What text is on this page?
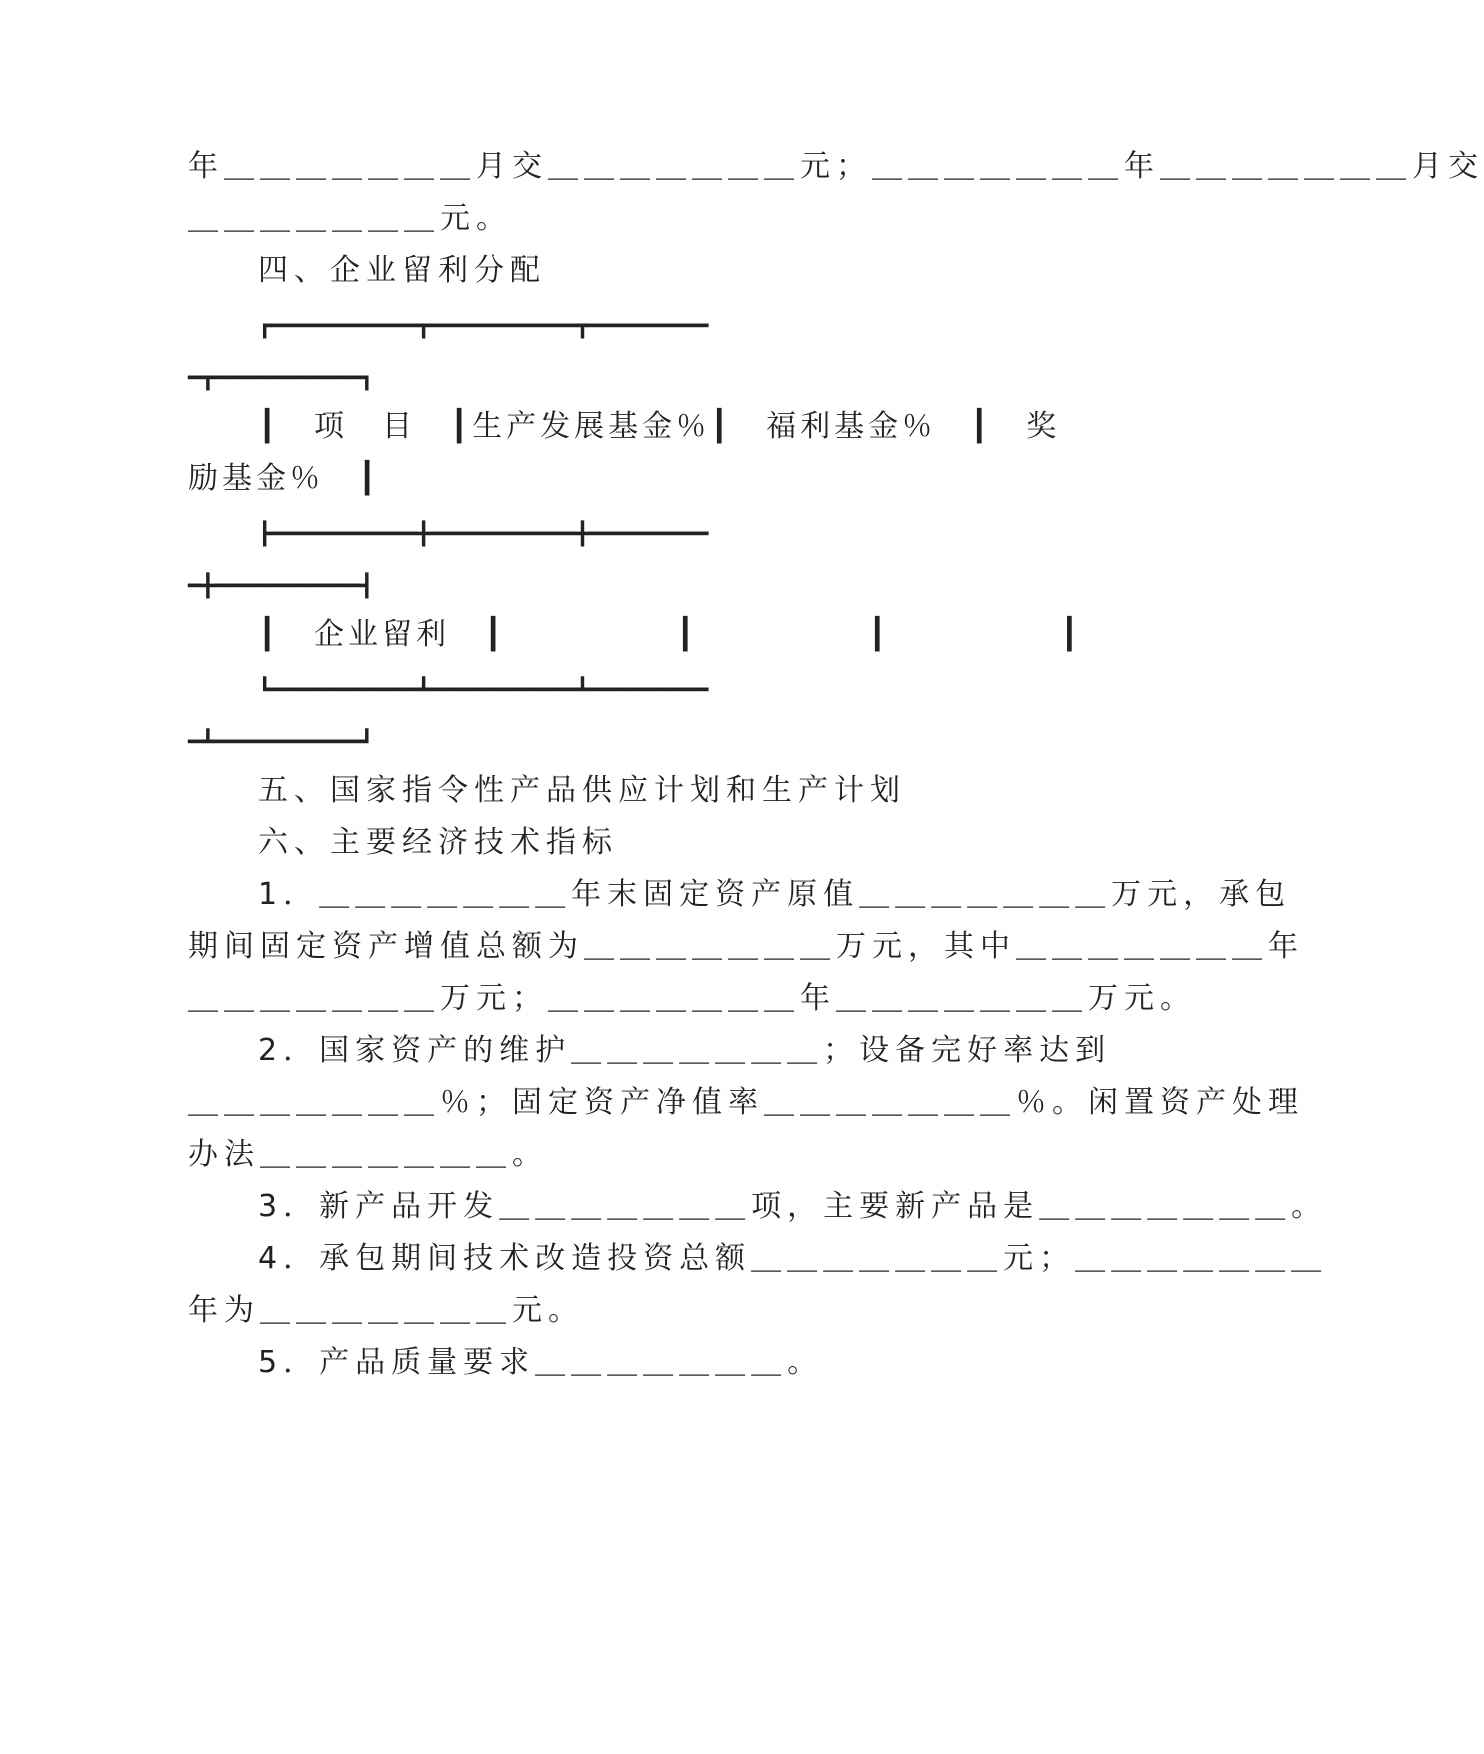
年＿＿＿＿＿＿＿月交＿＿＿＿＿＿＿元；＿＿＿＿＿＿＿年＿＿＿＿＿＿＿月交
＿＿＿＿＿＿＿元。
四、企业留利分配
┏━━━━━━━━━━━┳━━━━━━━━━━━┳━━━━━━━━━
━┳━━━━━━━━━━━┓
┃　项　目　┃生产发展基金％┃　福利基金％　┃　奖
励基金％　┃
┣━━━━━━━━━━━╋━━━━━━━━━━━╋━━━━━━━━━
━╋━━━━━━━━━━━┫
┃　企业留利　┃　　　　　┃　　　　　┃　　　　　┃
┗━━━━━━━━━━━┻━━━━━━━━━━━┻━━━━━━━━━
━┻━━━━━━━━━━━┛
五、国家指令性产品供应计划和生产计划
六、主要经济技术指标
1．＿＿＿＿＿＿＿年末固定资产原值＿＿＿＿＿＿＿万元，承包
期间固定资产增值总额为＿＿＿＿＿＿＿万元，其中＿＿＿＿＿＿＿年
＿＿＿＿＿＿＿万元；＿＿＿＿＿＿＿年＿＿＿＿＿＿＿万元。
2．国家资产的维护＿＿＿＿＿＿＿；设备完好率达到
＿＿＿＿＿＿＿％；固定资产净值率＿＿＿＿＿＿＿％。闲置资产处理
办法＿＿＿＿＿＿＿。
3．新产品开发＿＿＿＿＿＿＿项，主要新产品是＿＿＿＿＿＿＿。
4．承包期间技术改造投资总额＿＿＿＿＿＿＿元；＿＿＿＿＿＿＿
年为＿＿＿＿＿＿＿元。
5．产品质量要求＿＿＿＿＿＿＿。
